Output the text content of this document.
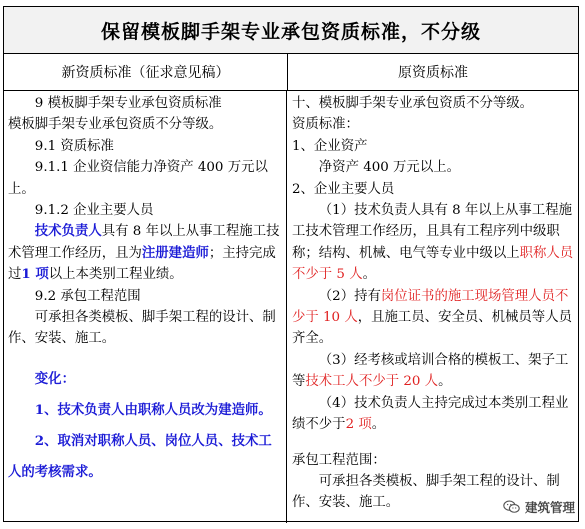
保留模板脚手架专业承包资质标准，不分级
新资质标准（征求意见稿）	原资质标准

9 模板脚手架专业承包资质标准

模板脚手架专业承包资质不分等级。

9.1 资质标准

9.1.1 企业资信能力净资产 400 万元以上。

9.1.2 企业主要人员

技术负责人具有 8 年以上从事工程施工技术管理工作经历，且为注册建造师；主持完成过1 项以上本类别工程业绩。

9.2 承包工程范围

可承担各类模板、脚手架工程的设计、制作、安装、施工。

变化：

1、技术负责人由职称人员改为建造师。

2、取消对职称人员、岗位人员、技术工人的考核需求。

十、模板脚手架专业承包资质不分等级。

资质标准：

1、企业资产

净资产 400 万元以上。

2、企业主要人员

（1）技术负责人具有 8 年以上从事工程施工技术管理工作经历，且具有工程序列中级职称；结构、机械、电气等专业中级以上职称人员不少于 5 人。

（2）持有岗位证书的施工现场管理人员不少于 10 人，且施工员、安全员、机械员等人员齐全。

（3）经考核或培训合格的模板工、架子工等技术工人不少于 20 人。

（4）技术负责人主持完成过本类别工程业绩不少于2 项。

承包工程范围：

可承担各类模板、脚手架工程的设计、制作、安装、施工。	建筑管理
